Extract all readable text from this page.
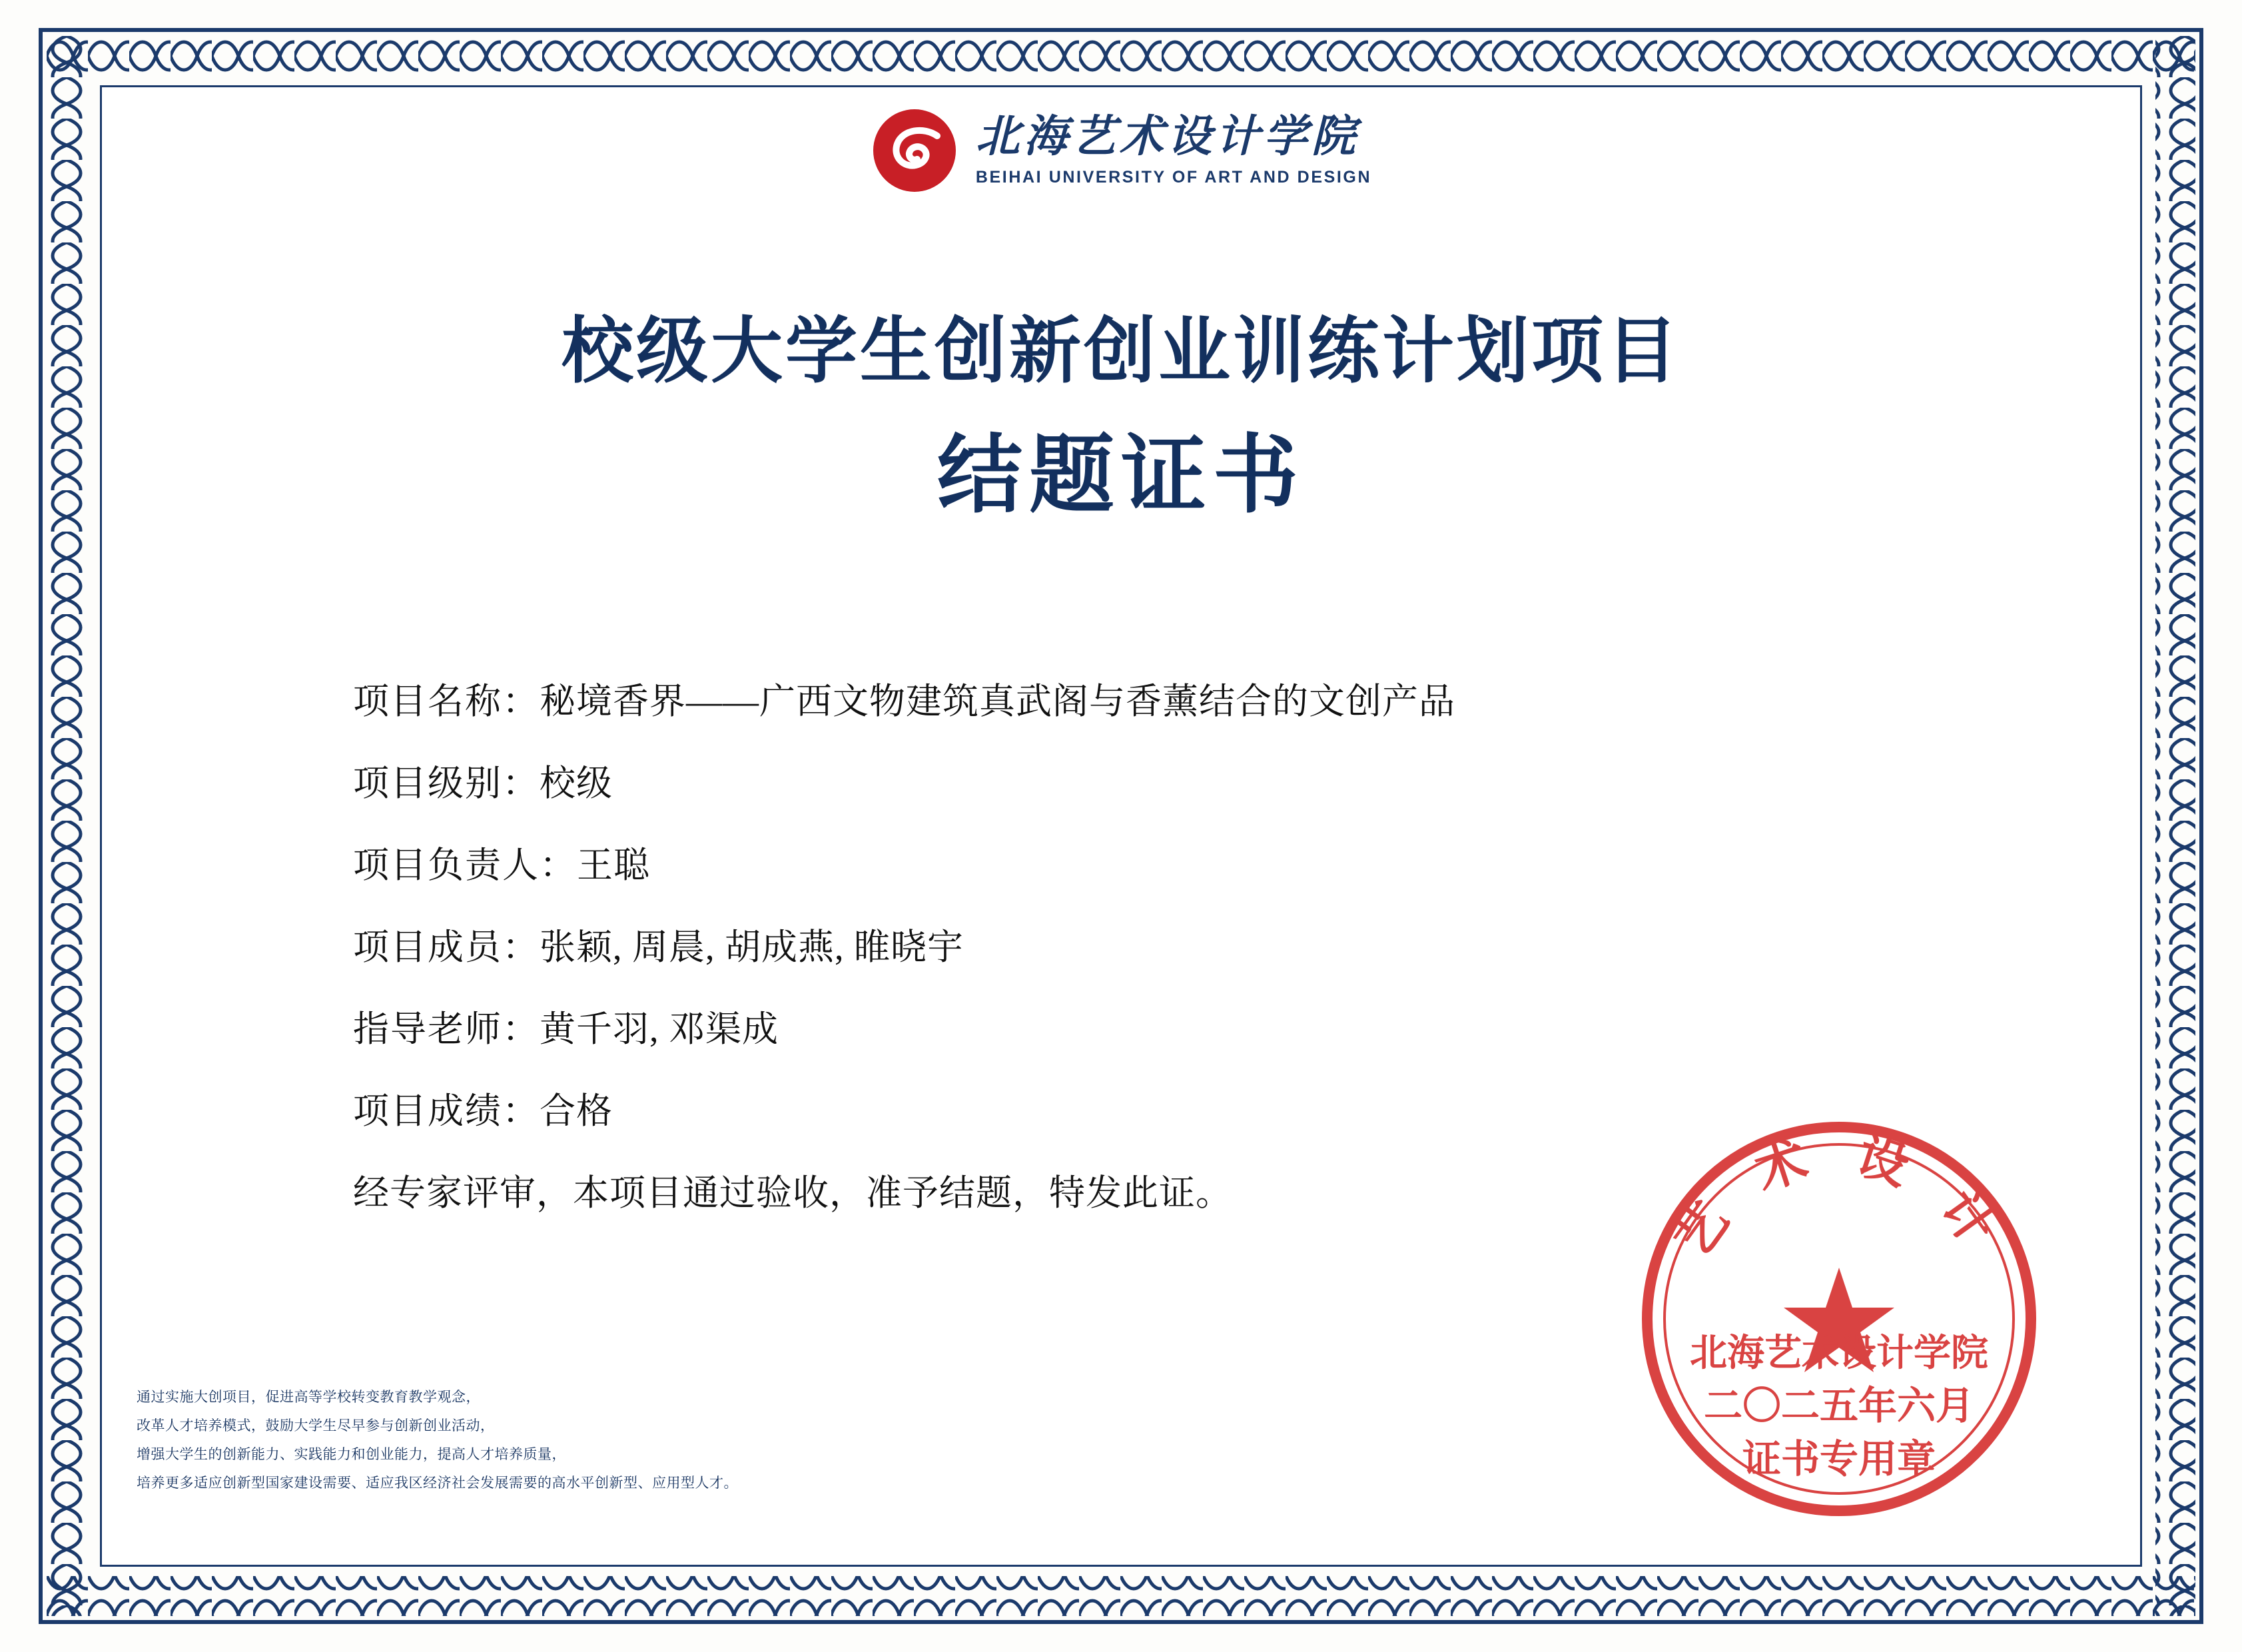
北海艺术设计学院
BEIHAI UNIVERSITY OF ART AND DESIGN
校级大学生创新创业训练计划项目
结题证书
项目名称： 秘境香界——广西文物建筑真武阁与香薰结合的文创产品
项目级别： 校级
项目负责人： 王聪
项目成员： 张颖, 周晨, 胡成燕, 睢晓宇
指导老师： 黄千羽, 邓渠成
项目成绩： 合格
经专家评审，本项目通过验收，准予结题，特发此证。
通过实施大创项目，促进高等学校转变教育教学观念，
改革人才培养模式，鼓励大学生尽早参与创新创业活动，
增强大学生的创新能力、实践能力和创业能力，提高人才培养质量，
培养更多适应创新型国家建设需要、适应我区经济社会发展需要的高水平创新型、应用型人才。
艺 术 设 计
北海艺术设计学院
二〇二五年六月
证书专用章
